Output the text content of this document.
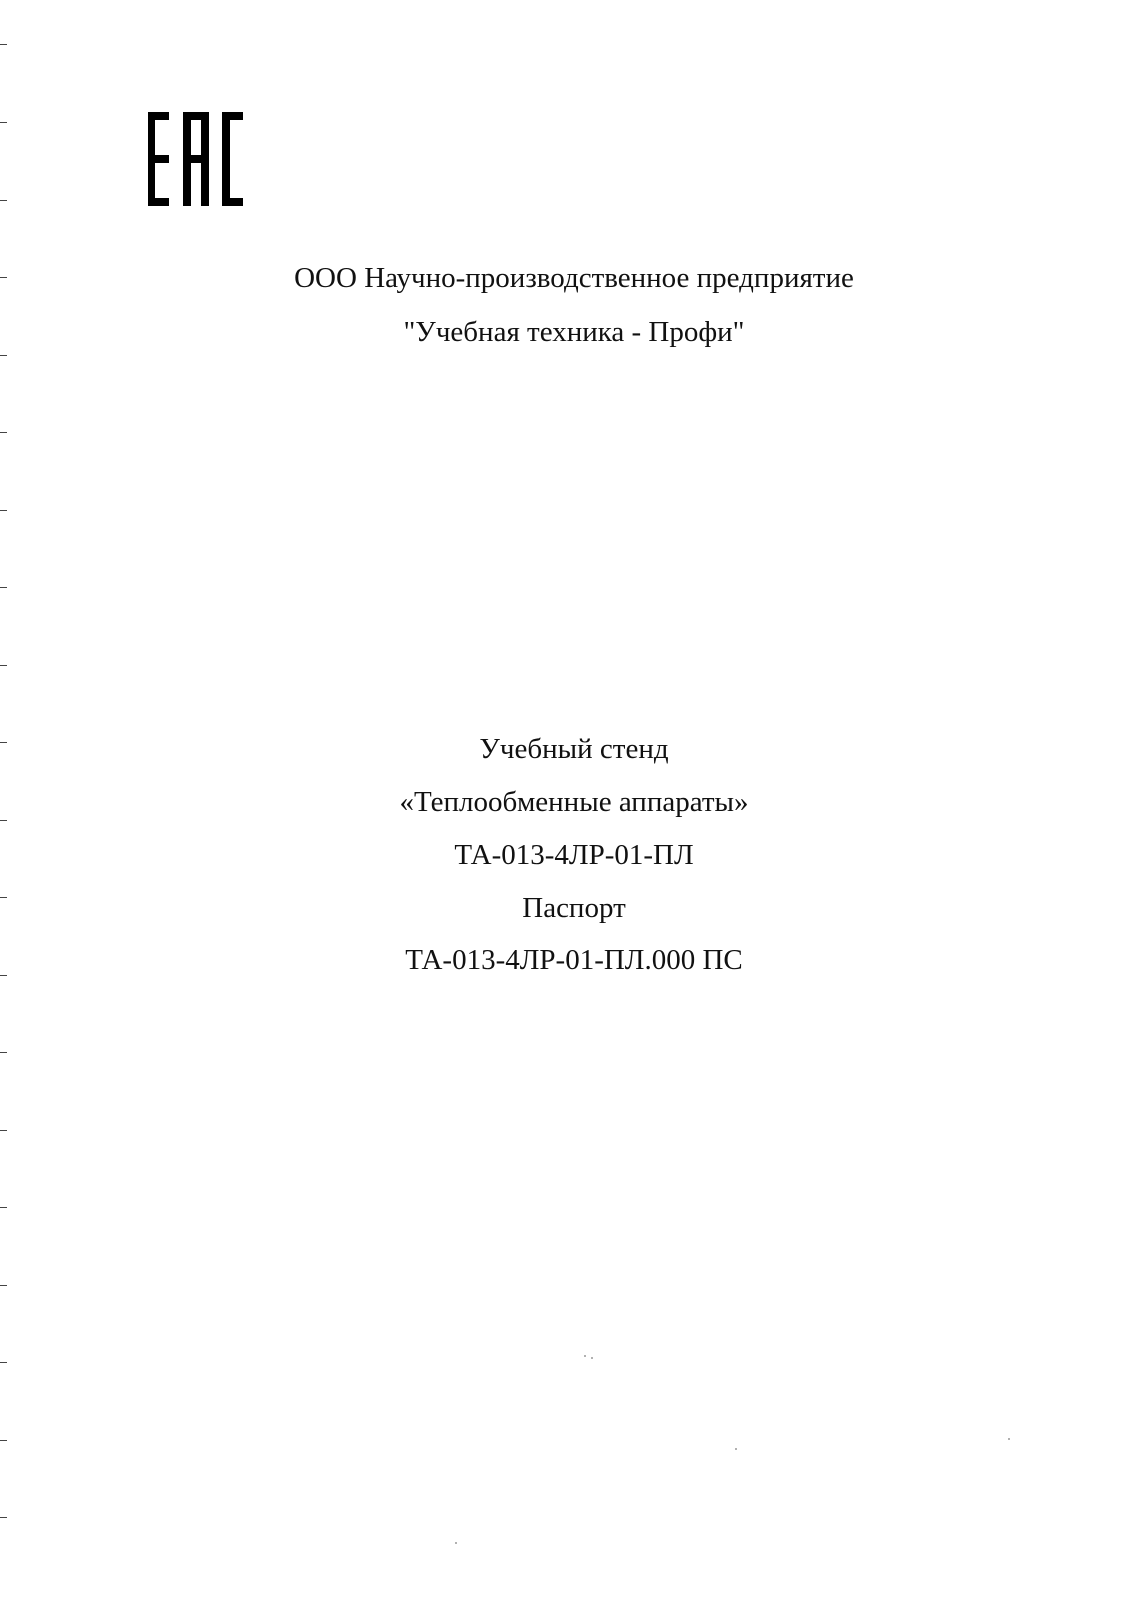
ООО Научно-производственное предприятие
"Учебная техника - Профи"
Учебный стенд
«Теплообменные аппараты»
ТА-013-4ЛР-01-ПЛ
Паспорт
ТА-013-4ЛР-01-ПЛ.000 ПС
